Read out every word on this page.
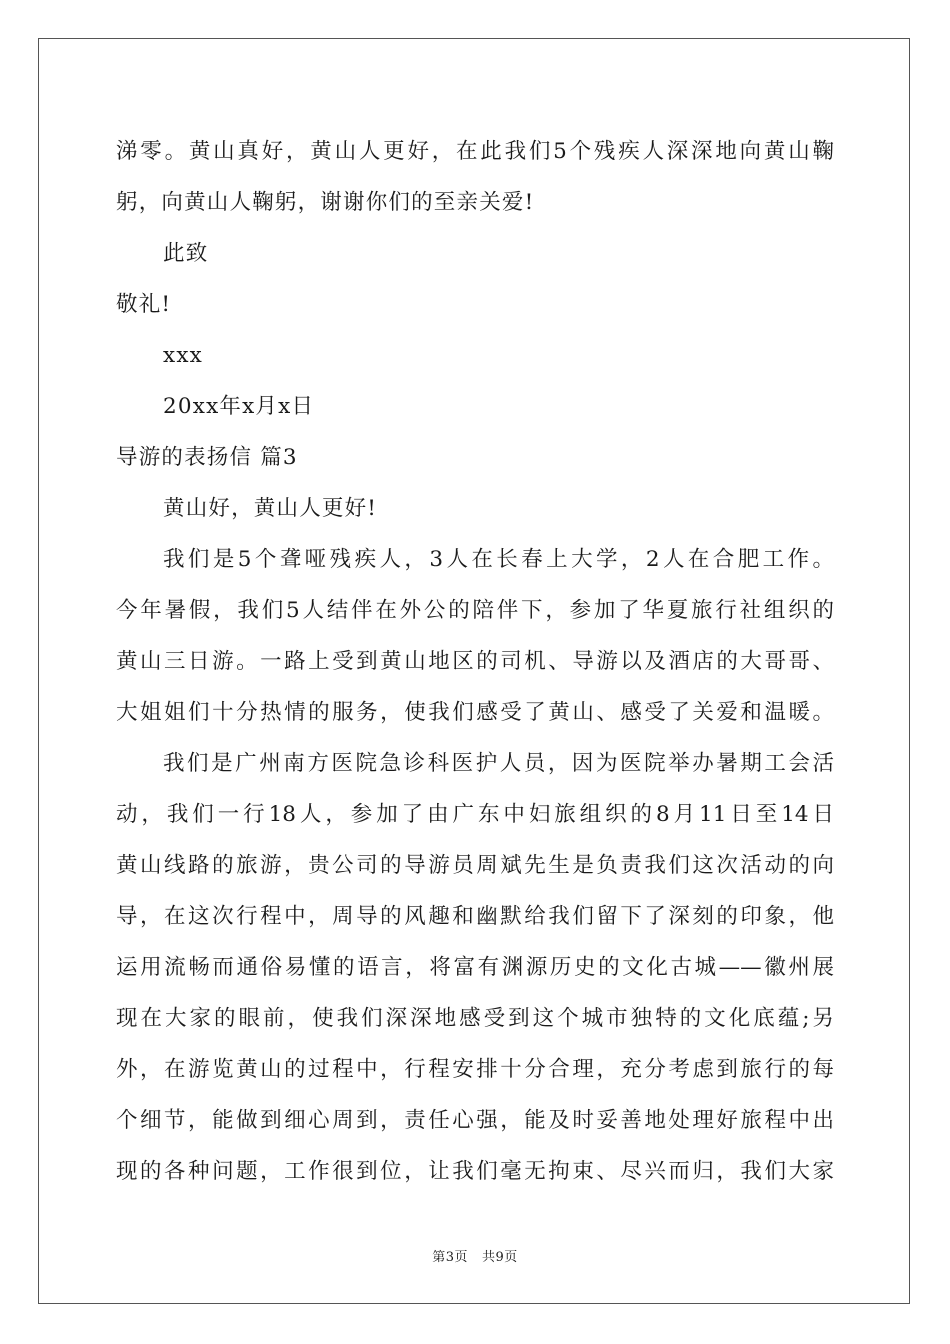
涕零。黄山真好，黄山人更好，在此我们5个残疾人深深地向黄山鞠
躬，向黄山人鞠躬，谢谢你们的至亲关爱!
此致
敬礼!
xxx
20xx年x月x日
导游的表扬信 篇3
黄山好，黄山人更好!
我们是5个聋哑残疾人，3人在长春上大学，2人在合肥工作。
今年暑假，我们5人结伴在外公的陪伴下，参加了华夏旅行社组织的
黄山三日游。一路上受到黄山地区的司机、导游以及酒店的大哥哥、
大姐姐们十分热情的服务，使我们感受了黄山、感受了关爱和温暖。
我们是广州南方医院急诊科医护人员，因为医院举办暑期工会活
动，我们一行18人，参加了由广东中妇旅组织的8月11日至14日
黄山线路的旅游，贵公司的导游员周斌先生是负责我们这次活动的向
导，在这次行程中，周导的风趣和幽默给我们留下了深刻的印象，他
运用流畅而通俗易懂的语言，将富有渊源历史的文化古城——徽州展
现在大家的眼前，使我们深深地感受到这个城市独特的文化底蕴;另
外，在游览黄山的过程中，行程安排十分合理，充分考虑到旅行的每
个细节，能做到细心周到，责任心强，能及时妥善地处理好旅程中出
现的各种问题，工作很到位，让我们毫无拘束、尽兴而归，我们大家
第3页 共9页
